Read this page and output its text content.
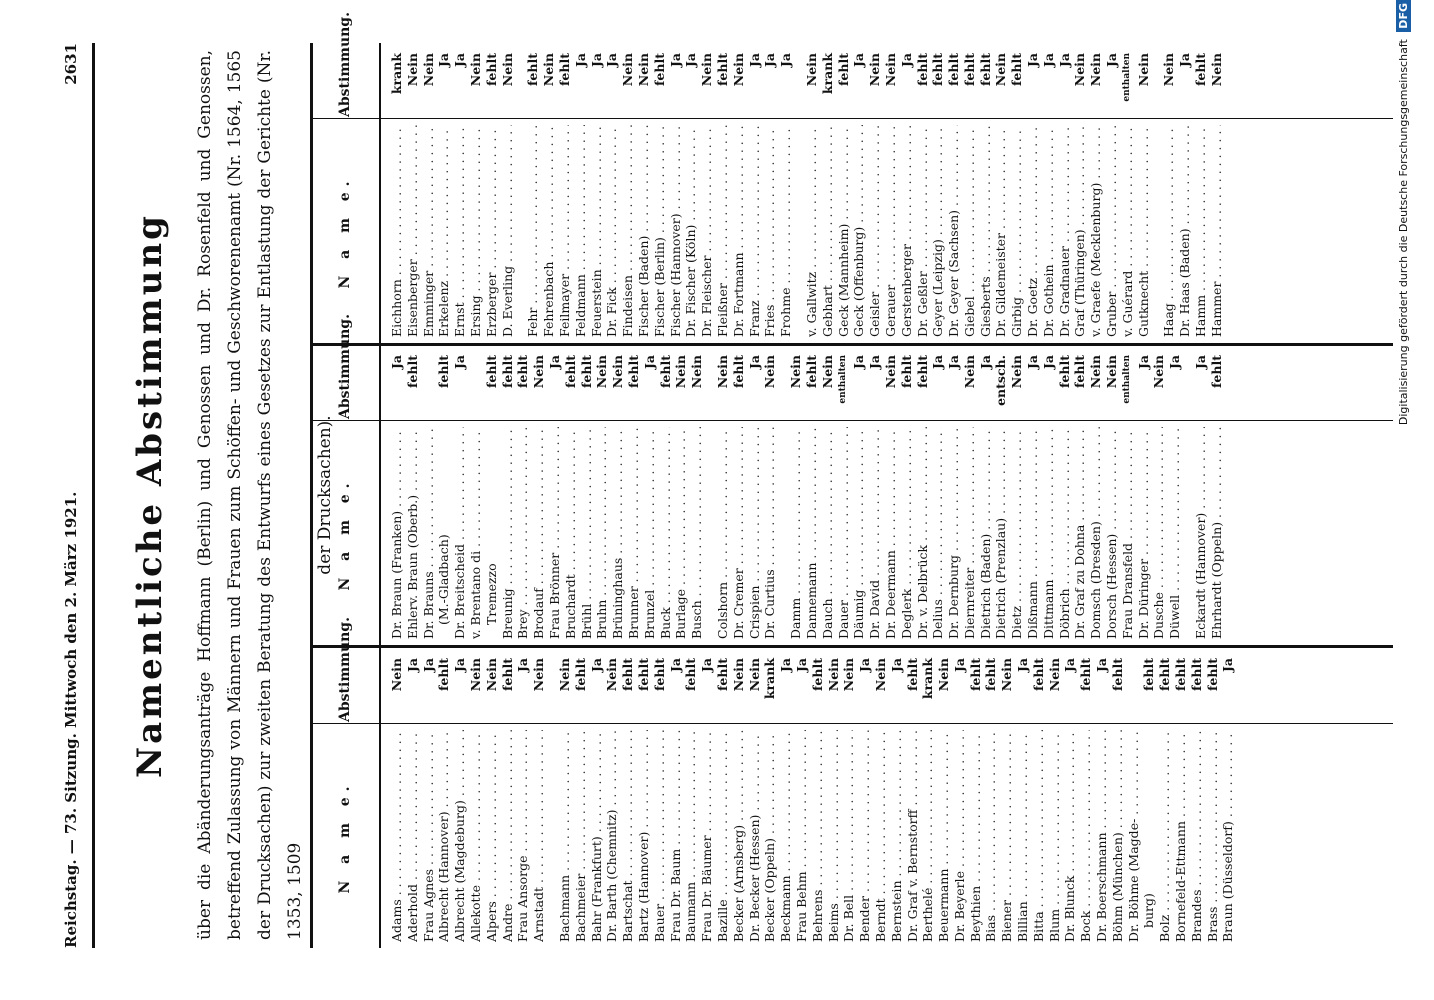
Reichstag. — 73. Sitzung. Mittwoch den 2. März 1921.
2631
Namentliche Abstimmung über die Abänderungsanträge Hoffmann (Berlin) und Genossen und Dr. Rosenfeld und Genossen, betreffend Zulassung von Männern und Frauen zum Schöffen- und Geschworenenamt (Nr. 1564, 1565 der Drucksachen) zur zweiten Beratung des Entwurfs eines Gesetzes zur Entlastung der Gerichte (Nr. 1353, 1509
der Drucksachen).
N a m e.
Abstimmung.
Adams . . .
Nein
Aderhold . . .
Ja
Frau Agnes . . .
Ja
Albrecht (Hannover) . . .
fehlt
Albrecht (Magdeburg) . . .
Ja
Allekotte . . .
Nein
Alpers . . .
Nein
Andre . . .
fehlt
Frau Ansorge . . .
Ja
Arnstadt . . .
Nein
Bachmann . . .
Nein
Bachmeier . . .
fehlt
Bahr (Frankfurt) . . .
Ja
Dr. Barth (Chemnitz) . . .
Nein
Bartschat . . .
fehlt
Bartz (Hannover) . . .
fehlt
Bauer . . .
fehlt
Frau Dr. Baum . . .
Ja
Baumann . . .
fehlt
Frau Dr. Bäumer . . .
Ja
Bazille . . .
fehlt
Becker (Arnsberg) . . .
Nein
Dr. Becker (Hessen) . . .
Nein
Becker (Oppeln) . . .
krank
Beckmann . . .
Ja
Frau Behm . . .
Ja
Behrens . . .
fehlt
Beims . . .
Nein
Dr. Bell . . .
Nein
Bender . . .
Ja
Berndt . . .
Nein
Bernstein . . .
Ja
Dr. Graf v. Bernstorff . . .
fehlt
Berthelé . . .
krank
Beuermann . . .
Nein
Dr. Beyerle . . .
Ja
Beythien . . .
fehlt
Bias . . .
fehlt
Biener . . .
Nein
Billian . . .
Ja
Bitta . . .
fehlt
Blum . . .
Nein
Dr. Blunck . . .
Ja
Bock . . .
fehlt
Dr. Boerschmann . . .
Ja
Böhm (München) . . .
fehlt
Dr. Böhme (Magde- . . . burg)
fehlt
Bolz . . .
fehlt
Bornefeld-Ettmann . . .
fehlt
Brandes . . .
fehlt
Brass . . .
fehlt
Braun (Düsseldorf) . . .
Ja
N a m e.
Abstimmung.
Dr. Braun (Franken) . . .
Ja
Ehlerv. Braun (Oberb.) . . .
fehlt
Dr. Brauns . . . (M.-Gladbach)
fehlt
Dr. Breitscheid . . .
Ja
v. Brentano di . . . Tremezzo
fehlt
Breunig . . .
fehlt
Brey . . .
fehlt
Brodauf . . .
Nein
Frau Brönner . . .
Ja
Bruchardt . . .
fehlt
Brühl . . .
fehlt
Bruhn . . .
Nein
Brüninghaus . . .
Nein
Brunner . . .
fehlt
Brunzel . . .
Ja
Buck . . .
fehlt
Burlage . . .
Nein
Busch . . .
Nein
Colshorn . . .
Nein
Dr. Cremer . . .
fehlt
Crispien . . .
Ja
Dr. Curtius . . .
Nein
Damm . . .
Nein
Dannemann . . .
fehlt
Dauch . . .
Nein
Dauer . . .
enthalten
Däumig . . .
Ja
Dr. David . . .
Ja
Dr. Deermann . . .
Nein
Deglerk . . .
fehlt
Dr. v. Delbrück . . .
fehlt
Delius . . .
Ja
Dr. Dernburg . . .
Ja
Diernreiter . . .
Nein
Dietrich (Baden) . . .
Ja
Dietrich (Prenzlau) . . .
entsch.
Dietz . . .
Nein
Dißmann . . .
Ja
Dittmann . . .
Ja
Döbrich . . .
fehlt
Dr. Graf zu Dohna . . .
fehlt
Domsch (Dresden) . . .
Nein
Dorsch (Hessen) . . .
Nein
Frau Dransfeld . . .
enthalten
Dr. Düringer . . .
Ja
Dusche . . .
Nein
Düwell . . .
Ja
Eckardt (Hannover) . . .
Ja
Ehrhardt (Oppeln) . . .
fehlt
N a m e.
Abstimmung.
Eichhorn . . .
krank
Eisenberger . . .
Nein
Emminger . . .
Nein
Erkelenz . . .
Ja
Ernst . . .
Ja
Ersing . . .
Nein
Erzberger . . .
fehlt
D. Everling . . .
Nein
Fehr . . .
fehlt
Fehrenbach . . .
Nein
Feilmayer . . .
fehlt
Feldmann . . .
Ja
Feuerstein . . .
Ja
Dr. Fick . . .
Ja
Findeisen . . .
Nein
Fischer (Baden) . . .
Nein
Fischer (Berlin) . . .
fehlt
Fischer (Hannover) . . .
Ja
Dr. Fischer (Köln) . . .
Ja
Dr. Fleischer . . .
Nein
Fleißner . . .
fehlt
Dr. Fortmann . . .
Nein
Franz . . .
Ja
Fries . . .
Ja
Frohme . . .
Ja
v. Gallwitz . . .
Nein
Gebhart . . .
krank
Geck (Mannheim) . . .
fehlt
Geck (Offenburg) . . .
Ja
Geisler . . .
Nein
Gerauer . . .
Nein
Gerstenberger . . .
Ja
Dr. Geßler . . .
fehlt
Geyer (Leipzig) . . .
fehlt
Dr. Geyer (Sachsen) . . .
fehlt
Giebel . . .
fehlt
Giesberts . . .
fehlt
Dr. Gildemeister . . .
Nein
Girbig . . .
fehlt
Dr. Goetz . . .
Ja
Dr. Gothein . . .
Ja
Dr. Gradnauer . . .
Ja
Graf (Thüringen) . . .
Nein
v. Graefe (Mecklenburg) . . .
Nein
Gruber . . .
Ja
v. Guérard . . .
enthalten
Gutknecht . . .
Nein
Haag . . .
Nein
Dr. Haas (Baden) . . .
Ja
Hamm . . .
fehlt
Hammer . . .
Nein	Digitalisierung gefördert durch die Deutsche Forschungsgemeinschaft DFG
